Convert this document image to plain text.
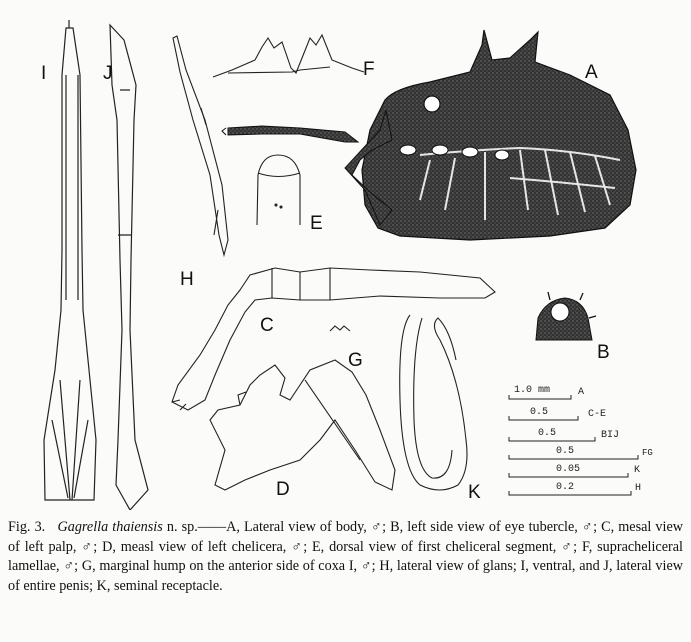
I	J	F	A
E
H
C
G	B
D	K
1.0 mm	A
0.5	C-E
0.5	BIJ
0.5	FG
0.05	K
0.2	H
Fig. 3. Gagrella thaiensis n. sp.——A, Lateral view of body, ♂; B, left side view of eye tubercle, ♂; C, mesal view of left palp, ♂; D, measl view of left chelicera, ♂; E, dorsal view of first cheliceral segment, ♂; F, supracheliceral lamellae, ♂; G, marginal hump on the anterior side of coxa I, ♂; H, lateral view of glans; I, ventral, and J, lateral view of entire penis; K, seminal receptacle.
